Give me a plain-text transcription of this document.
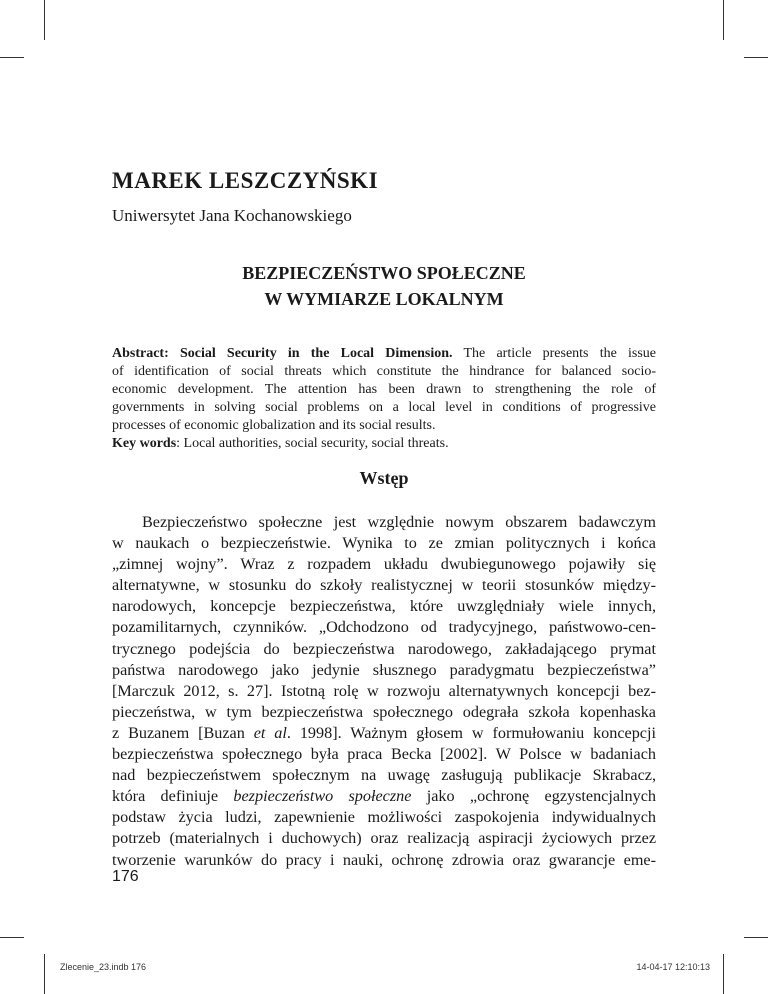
MAREK LESZCZYŃSKI

Uniwersytet Jana Kochanowskiego

BEZPIECZEŃSTWO SPOŁECZNE
W WYMIARZE LOKALNYM
Abstract: Social Security in the Local Dimension. The article presents the issue
of identification of social threats which constitute the hindrance for balanced socio-
economic development. The attention has been drawn to strengthening the role of
governments in solving social problems on a local level in conditions of progressive
processes of economic globalization and its social results.

Key words: Local authorities, social security, social threats.

Wstęp
Bezpieczeństwo społeczne jest względnie nowym obszarem badawczym
w naukach o bezpieczeństwie. Wynika to ze zmian politycznych i końca
„zimnej wojny”. Wraz z rozpadem układu dwubiegunowego pojawiły się
alternatywne, w stosunku do szkoły realistycznej w teorii stosunków między-
narodowych, koncepcje bezpieczeństwa, które uwzględniały wiele innych,
pozamilitarnych, czynników. „Odchodzono od tradycyjnego, państwowo-cen-
trycznego podejścia do bezpieczeństwa narodowego, zakładającego prymat
państwa narodowego jako jedynie słusznego paradygmatu bezpieczeństwa”
[Marczuk 2012, s. 27]. Istotną rolę w rozwoju alternatywnych koncepcji bez-
pieczeństwa, w tym bezpieczeństwa społecznego odegrała szkoła kopenhaska
z Buzanem [Buzan et al. 1998]. Ważnym głosem w formułowaniu koncepcji
bezpieczeństwa społecznego była praca Becka [2002]. W Polsce w badaniach
nad bezpieczeństwem społecznym na uwagę zasługują publikacje Skrabacz,
która definiuje bezpieczeństwo społeczne jako „ochronę egzystencjalnych
podstaw życia ludzi, zapewnienie możliwości zaspokojenia indywidualnych
potrzeb (materialnych i duchowych) oraz realizacją aspiracji życiowych przez
tworzenie warunków do pracy i nauki, ochronę zdrowia oraz gwarancje eme-

176

Zlecenie_23.indb 176	14-04-17 12:10:13
